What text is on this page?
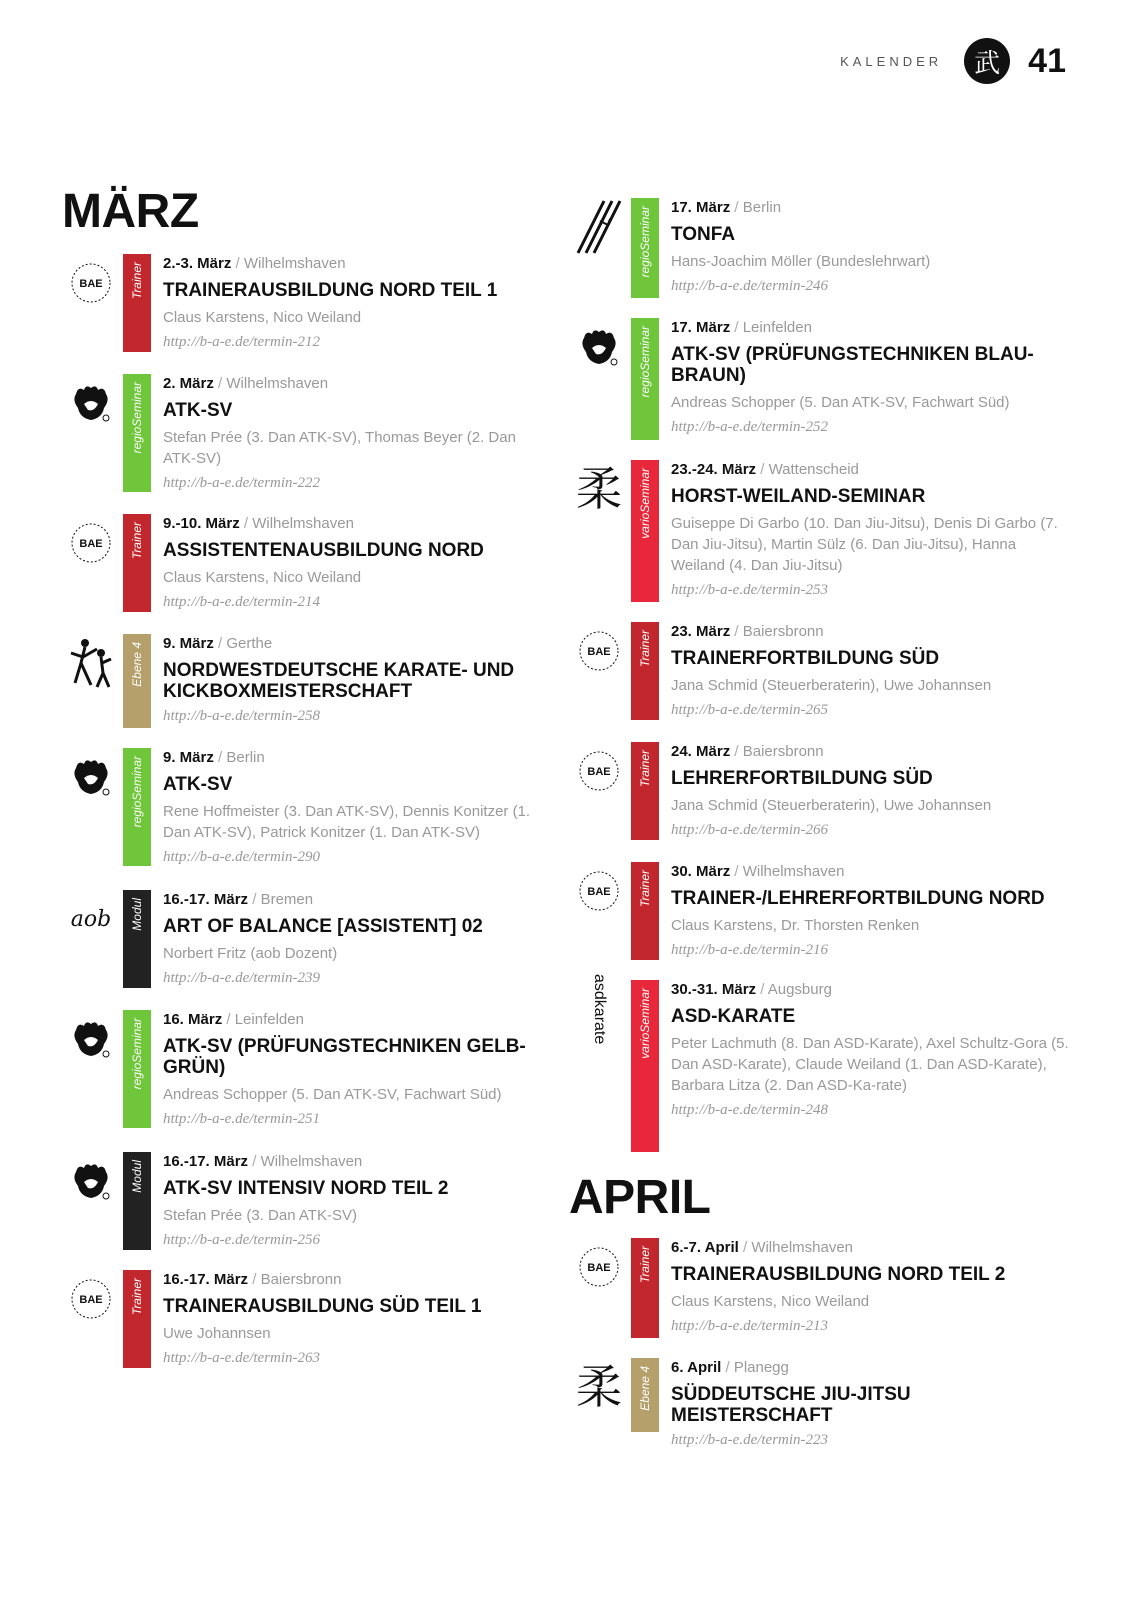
KALENDER	武 41
MÄRZ
APRIL
BAE Trainer 2.-3. März / Wilhelmshaven
TRAINERAUSBILDUNG NORD TEIL 1
Claus Karstens, Nico Weiland
http://b-a-e.de/termin-212
regioSeminar 2. März / Wilhelmshaven
ATK-SV
Stefan Prée (3. Dan ATK-SV), Thomas Beyer (2. Dan ATK-SV)
http://b-a-e.de/termin-222
BAE Trainer 9.-10. März / Wilhelmshaven
ASSISTENTENAUSBILDUNG NORD
Claus Karstens, Nico Weiland
http://b-a-e.de/termin-214
Ebene 4 9. März / Gerthe
NORDWESTDEUTSCHE KARATE- UND KICKBOXMEISTERSCHAFT
http://b-a-e.de/termin-258
regioSeminar 9. März / Berlin
ATK-SV
Rene Hoffmeister (3. Dan ATK-SV), Dennis Konitzer (1. Dan ATK-SV), Patrick Konitzer (1. Dan ATK-SV)
http://b-a-e.de/termin-290
aob Modul 16.-17. März / Bremen
ART OF BALANCE [ASSISTENT] 02
Norbert Fritz (aob Dozent)
http://b-a-e.de/termin-239
regioSeminar 16. März / Leinfelden
ATK-SV (PRÜFUNGSTECHNIKEN GELB-GRÜN)
Andreas Schopper (5. Dan ATK-SV, Fachwart Süd)
http://b-a-e.de/termin-251
Modul 16.-17. März / Wilhelmshaven
ATK-SV INTENSIV NORD TEIL 2
Stefan Prée (3. Dan ATK-SV)
http://b-a-e.de/termin-256
BAE Trainer 16.-17. März / Baiersbronn
TRAINERAUSBILDUNG SÜD TEIL 1
Uwe Johannsen
http://b-a-e.de/termin-263
regioSeminar 17. März / Berlin
TONFA
Hans-Joachim Möller (Bundeslehrwart)
http://b-a-e.de/termin-246
regioSeminar 17. März / Leinfelden
ATK-SV (PRÜFUNGSTECHNIKEN BLAU-BRAUN)
Andreas Schopper (5. Dan ATK-SV, Fachwart Süd)
http://b-a-e.de/termin-252
柔 varioSeminar 23.-24. März / Wattenscheid
HORST-WEILAND-SEMINAR
Guiseppe Di Garbo (10. Dan Jiu-Jitsu), Denis Di Garbo (7. Dan Jiu-Jitsu), Martin Sülz (6. Dan Jiu-Jitsu), Hanna Weiland (4. Dan Jiu-Jitsu)
http://b-a-e.de/termin-253
BAE Trainer 23. März / Baiersbronn
TRAINERFORTBILDUNG SÜD
Jana Schmid (Steuerberaterin), Uwe Johannsen
http://b-a-e.de/termin-265
BAE Trainer 24. März / Baiersbronn
LEHRERFORTBILDUNG SÜD
Jana Schmid (Steuerberaterin), Uwe Johannsen
http://b-a-e.de/termin-266
BAE Trainer 30. März / Wilhelmshaven
TRAINER-/LEHRERFORTBILDUNG NORD
Claus Karstens, Dr. Thorsten Renken
http://b-a-e.de/termin-216
asdkarate	varioSeminar 30.-31. März / Augsburg
ASD-KARATE
Peter Lachmuth (8. Dan ASD-Karate), Axel Schultz-Gora (5. Dan ASD-Karate), Claude Weiland (1. Dan ASD-Karate), Barbara Litza (2. Dan ASD-Ka-rate)
http://b-a-e.de/termin-248
BAE Trainer 6.-7. April / Wilhelmshaven
TRAINERAUSBILDUNG NORD TEIL 2
Claus Karstens, Nico Weiland
http://b-a-e.de/termin-213
柔 Ebene 4 6. April / Planegg
SÜDDEUTSCHE JIU-JITSU MEISTERSCHAFT
http://b-a-e.de/termin-223
